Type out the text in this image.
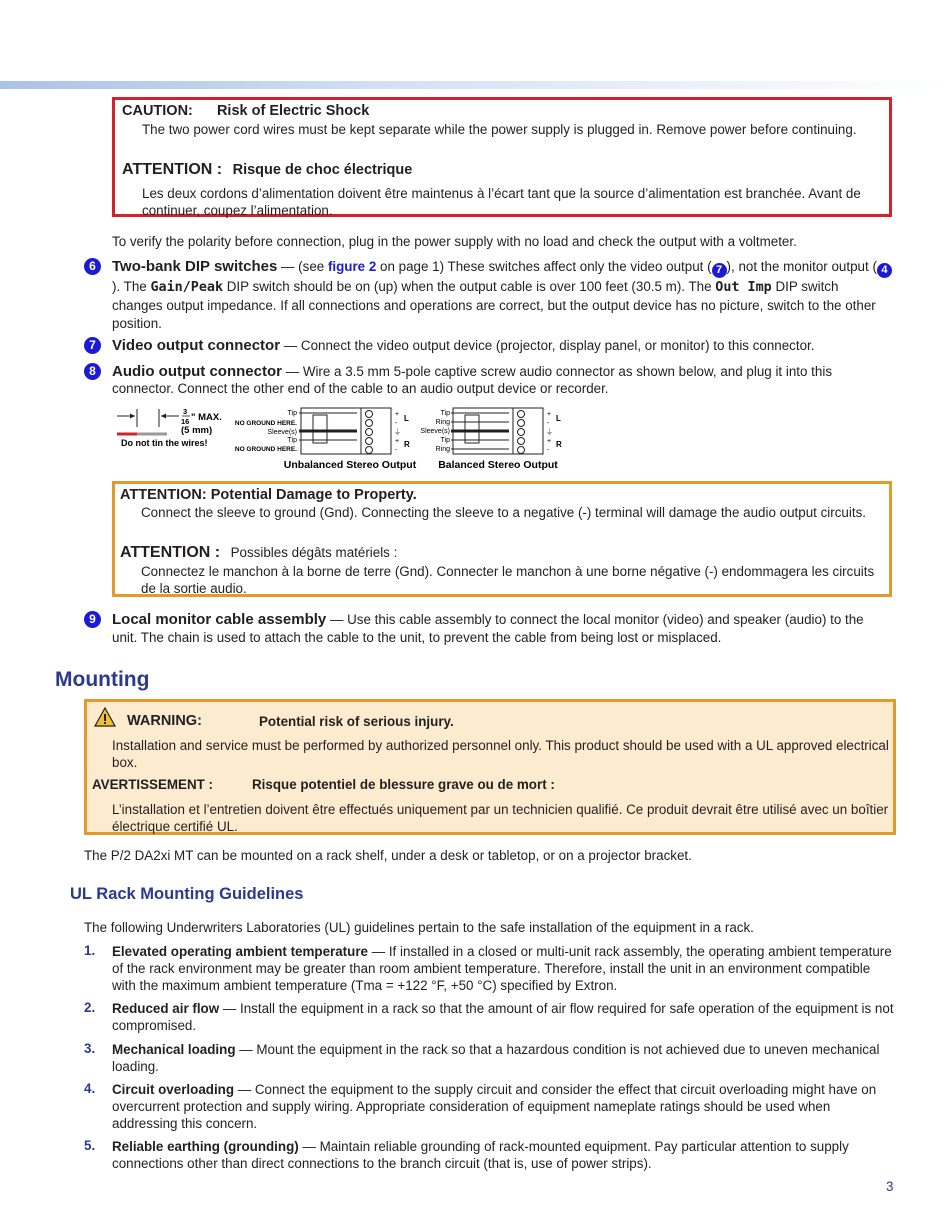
CAUTION: Risk of Electric Shock
The two power cord wires must be kept separate while the power supply is plugged in. Remove power before continuing.
ATTENTION : Risque de choc électrique
Les deux cordons d’alimentation doivent être maintenus à l’écart tant que la source d’alimentation est branchée. Avant de continuer, coupez l’alimentation.
To verify the polarity before connection, plug in the power supply with no load and check the output with a voltmeter.
6	Two-bank DIP switches — (see figure 2 on page 1) These switches affect only the video output ( 7 ), not the monitor output ( 4). The Gain/Peak DIP switch should be on (up) when the output cable is over 100 feet (30.5 m). The Out Imp DIP switch changes output impedance. If all connections and operations are correct, but the output device has no picture, switch to the other position.
7	Video output connector — Connect the video output device (projector, display panel, or monitor) to this connector.
8	Audio output connector — Wire a 3.5 mm 5-pole captive screw audio connector as shown below, and plug it into this connector. Connect the other end of the cable to an audio output device or recorder.
3
16 " MAX.
(5 mm)
Do not tin the wires!
Tip
NO GROUND HERE.
Sleeve(s)
Tip
NO GROUND HERE.
+
-
⏚
+
-
L
R
Tip
Ring
Sleeve(s)
Tip
Ring
+
-
⏚
+
-
L
R
Unbalanced Stereo Output Balanced Stereo Output
ATTENTION: Potential Damage to Property.
Connect the sleeve to ground (Gnd). Connecting the sleeve to a negative (-) terminal will damage the audio output circuits.
ATTENTION : Possibles dégâts matériels :
Connectez le manchon à la borne de terre (Gnd). Connecter le manchon à une borne négative (-) endommagera les circuits de la sortie audio.
9	Local monitor cable assembly — Use this cable assembly to connect the local monitor (video) and speaker (audio) to the unit. The chain is used to attach the cable to the unit, to prevent the cable from being lost or misplaced.
Mounting
WARNING:	Potential risk of serious injury.
Installation and service must be performed by authorized personnel only. This product should be used with a UL approved electrical box.
AVERTISSEMENT :	Risque potentiel de blessure grave ou de mort :
L’installation et l’entretien doivent être effectués uniquement par un technicien qualifié. Ce produit devrait être utilisé avec un boîtier électrique certifié UL.
The P/2 DA2xi MT can be mounted on a rack shelf, under a desk or tabletop, or on a projector bracket.
UL Rack Mounting Guidelines
The following Underwriters Laboratories (UL) guidelines pertain to the safe installation of the equipment in a rack.
1. Elevated operating ambient temperature — If installed in a closed or multi-unit rack assembly, the operating ambient temperature of the rack environment may be greater than room ambient temperature. Therefore, install the unit in an environment compatible with the maximum ambient temperature (Tma = +122 °F, +50 °C) specified by Extron.
2. Reduced air flow — Install the equipment in a rack so that the amount of air flow required for safe operation of the equipment is not compromised.
3. Mechanical loading — Mount the equipment in the rack so that a hazardous condition is not achieved due to uneven mechanical loading.
4. Circuit overloading — Connect the equipment to the supply circuit and consider the effect that circuit overloading might have on overcurrent protection and supply wiring. Appropriate consideration of equipment nameplate ratings should be used when addressing this concern.
5. Reliable earthing (grounding) — Maintain reliable grounding of rack-mounted equipment. Pay particular attention to supply connections other than direct connections to the branch circuit (that is, use of power strips).
3
